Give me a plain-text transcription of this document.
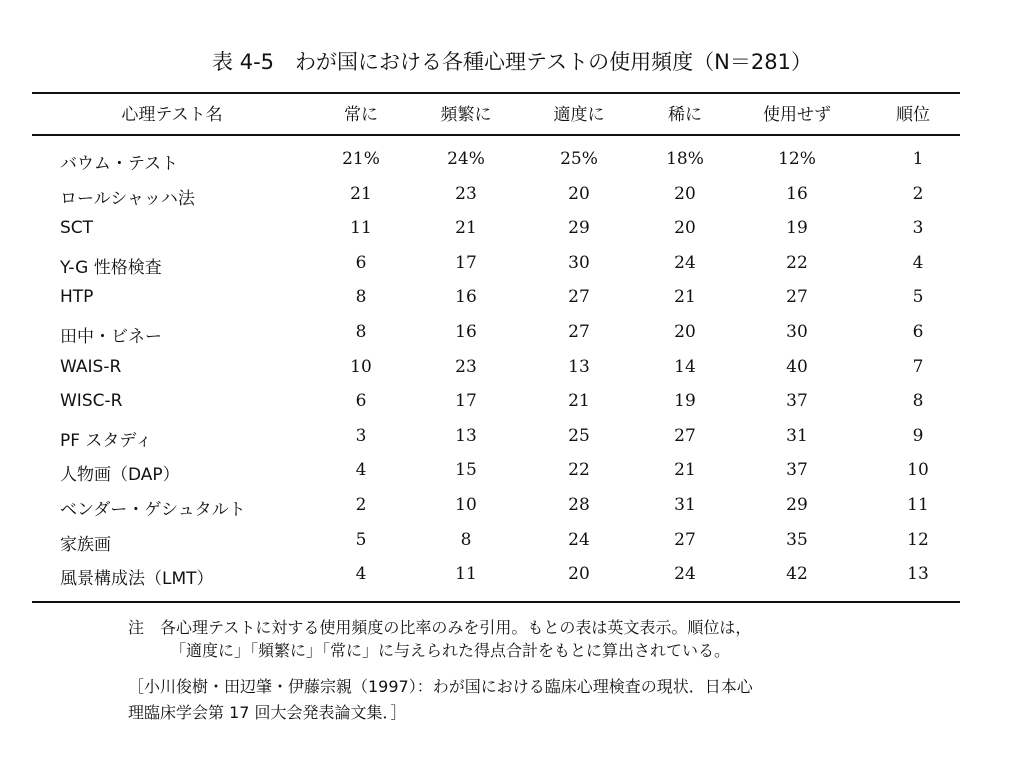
表 4-5　わが国における各種心理テストの使用頻度（N＝281）
心理テスト名	常に	頻繁に	適度に	稀に	使用せず	順位
バウム・テスト	21%	24%	25%	18%	12%	1
ロールシャッハ法	21	23	20	20	16	2
SCT	11	21	29	20	19	3
Y-G 性格検査	6	17	30	24	22	4
HTP	8	16	27	21	27	5
田中・ビネー	8	16	27	20	30	6
WAIS-R	10	23	13	14	40	7
WISC-R	6	17	21	19	37	8
PF スタディ	3	13	25	27	31	9
人物画（DAP）	4	15	22	21	37	10
ベンダー・ゲシュタルト	2	10	28	31	29	11
家族画	5	8	24	27	35	12
風景構成法（LMT）	4	11	20	24	42	13
注　各心理テストに対する使用頻度の比率のみを引用。もとの表は英文表示。順位は，
「適度に」「頻繁に」「常に」に与えられた得点合計をもとに算出されている。
［小川俊樹・田辺肇・伊藤宗親（1997）：わが国における臨床心理検査の現状．日本心
理臨床学会第 17 回大会発表論文集．］
